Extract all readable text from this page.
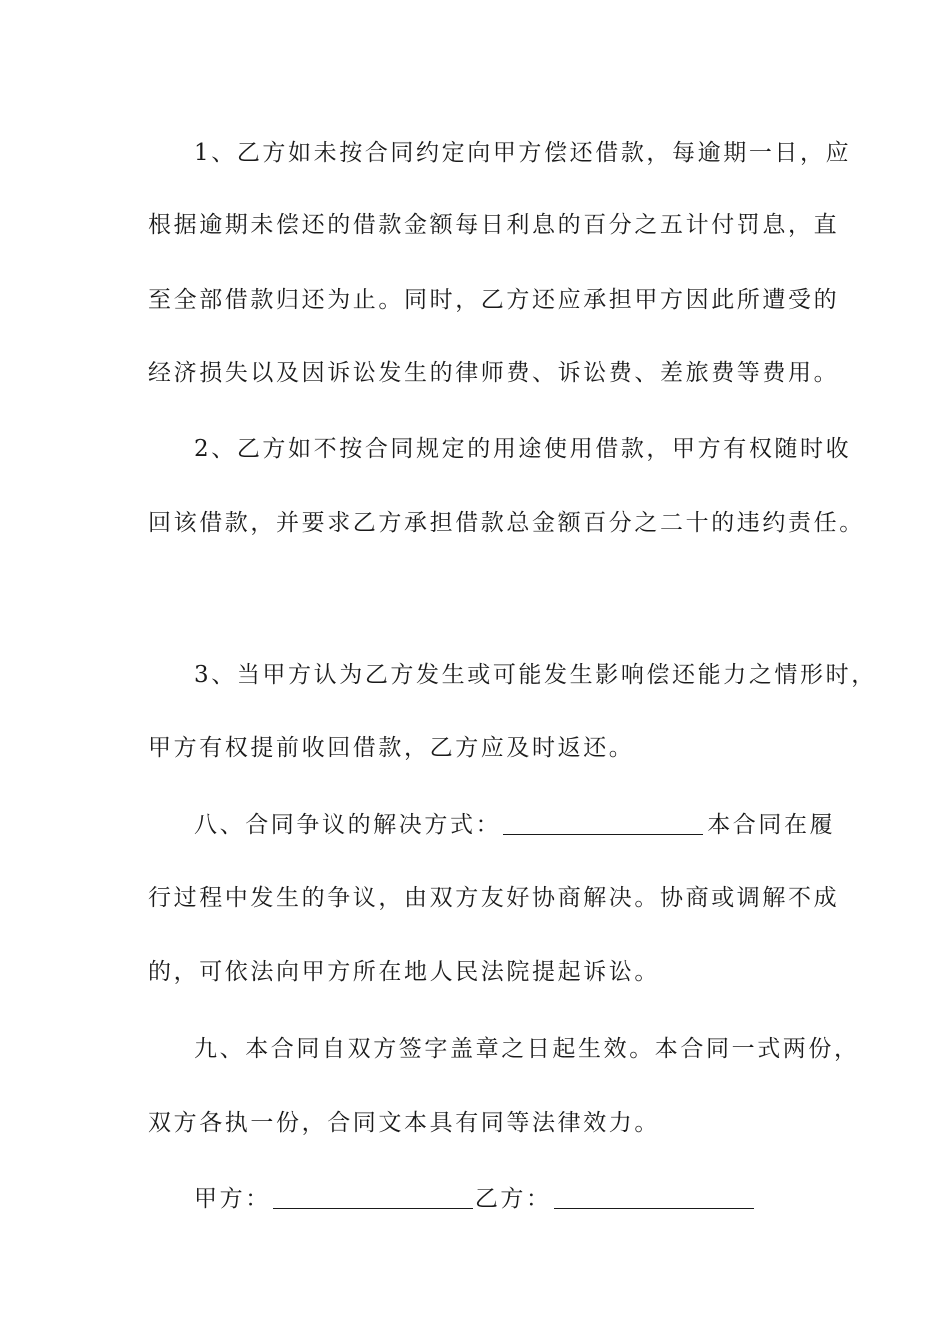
1、乙方如未按合同约定向甲方偿还借款，每逾期一日，应
根据逾期未偿还的借款金额每日利息的百分之五计付罚息，直
至全部借款归还为止。同时，乙方还应承担甲方因此所遭受的
经济损失以及因诉讼发生的律师费、诉讼费、差旅费等费用。
2、乙方如不按合同规定的用途使用借款，甲方有权随时收
回该借款，并要求乙方承担借款总金额百分之二十的违约责任。
3、当甲方认为乙方发生或可能发生影响偿还能力之情形时，
甲方有权提前收回借款，乙方应及时返还。
八、合同争议的解决方式：	本合同在履
行过程中发生的争议，由双方友好协商解决。协商或调解不成
的，可依法向甲方所在地人民法院提起诉讼。
九、本合同自双方签字盖章之日起生效。本合同一式两份，
双方各执一份，合同文本具有同等法律效力。
甲方：	乙方：
